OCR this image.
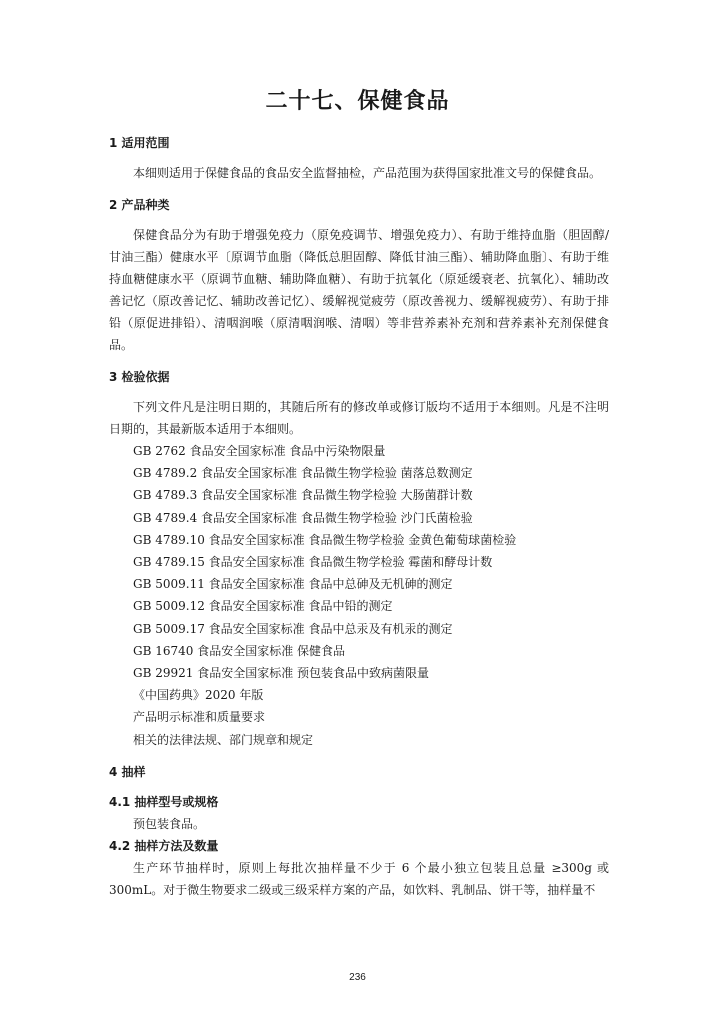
二十七、保健食品

1 适用范围

本细则适用于保健食品的食品安全监督抽检，产品范围为获得国家批准文号的保健食品。

2 产品种类

保健食品分为有助于增强免疫力（原免疫调节、增强免疫力）、有助于维持血脂（胆固醇/甘油三酯）健康水平〔原调节血脂（降低总胆固醇、降低甘油三酯）、辅助降血脂〕、有助于维持血糖健康水平（原调节血糖、辅助降血糖）、有助于抗氧化（原延缓衰老、抗氧化）、辅助改善记忆（原改善记忆、辅助改善记忆）、缓解视觉疲劳（原改善视力、缓解视疲劳）、有助于排铅（原促进排铅）、清咽润喉（原清咽润喉、清咽）等非营养素补充剂和营养素补充剂保健食品。

3 检验依据

下列文件凡是注明日期的，其随后所有的修改单或修订版均不适用于本细则。凡是不注明日期的，其最新版本适用于本细则。

GB 2762 食品安全国家标准 食品中污染物限量

GB 4789.2 食品安全国家标准 食品微生物学检验 菌落总数测定

GB 4789.3 食品安全国家标准 食品微生物学检验 大肠菌群计数

GB 4789.4 食品安全国家标准 食品微生物学检验 沙门氏菌检验

GB 4789.10 食品安全国家标准 食品微生物学检验 金黄色葡萄球菌检验

GB 4789.15 食品安全国家标准 食品微生物学检验 霉菌和酵母计数

GB 5009.11 食品安全国家标准 食品中总砷及无机砷的测定

GB 5009.12 食品安全国家标准 食品中铅的测定

GB 5009.17 食品安全国家标准 食品中总汞及有机汞的测定

GB 16740 食品安全国家标准 保健食品

GB 29921 食品安全国家标准 预包装食品中致病菌限量

《中国药典》2020 年版

产品明示标准和质量要求

相关的法律法规、部门规章和规定

4 抽样

4.1 抽样型号或规格

预包装食品。

4.2 抽样方法及数量

生产环节抽样时，原则上每批次抽样量不少于 6 个最小独立包装且总量 ≥300g 或 300mL。对于微生物要求二级或三级采样方案的产品，如饮料、乳制品、饼干等，抽样量不

236
